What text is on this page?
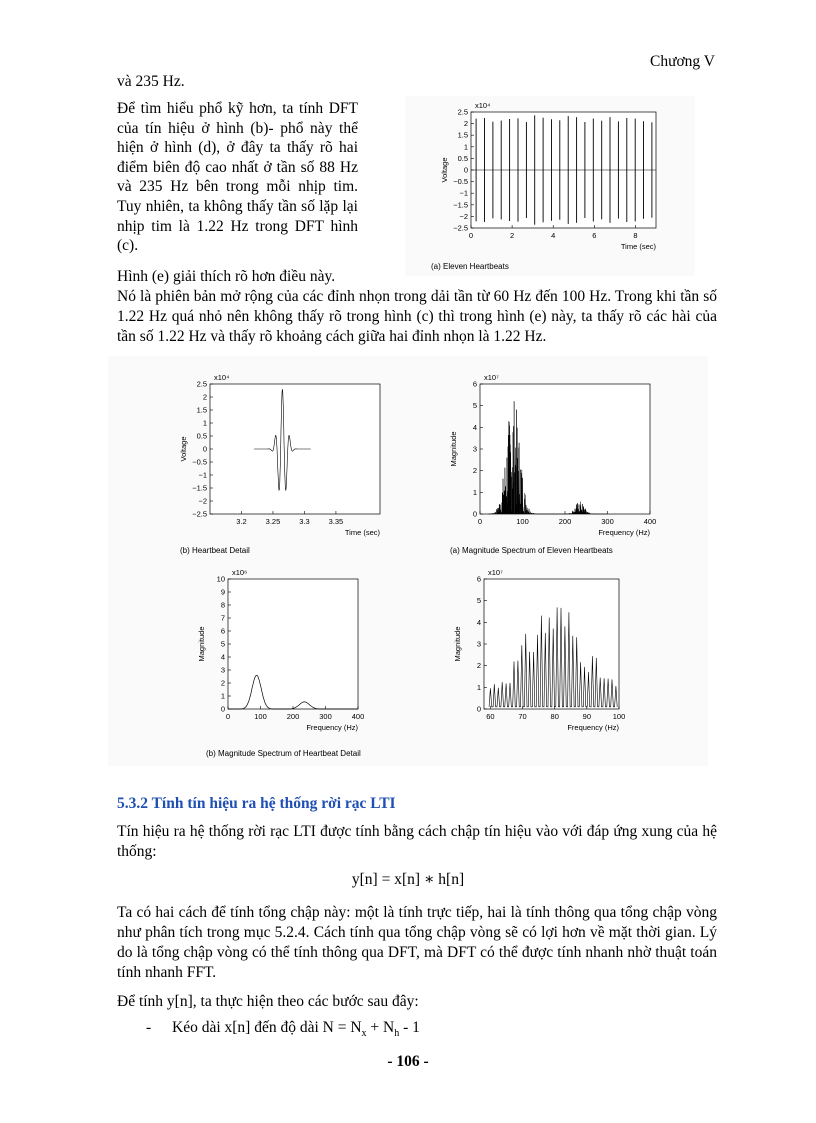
Chương V
và 235 Hz.
Để tìm hiểu phổ kỹ hơn, ta tính DFT của tín hiệu ở hình (b)- phổ này thể hiện ở hình (d), ở đây ta thấy rõ hai điểm biên độ cao nhất ở tần số 88 Hz và 235 Hz bên trong mỗi nhịp tim. Tuy nhiên, ta không thấy tần số lặp lại nhịp tim là 1.22 Hz trong DFT hình (c).
0	2	4	6	8
2.5
2
1.5
1
0.5
0
−0.5
−1
−1.5
−2
−2.5
Time (sec)
Voltage
x10⁴
(a) Eleven Heartbeats
Hình (e) giải thích rõ hơn điều này.
Nó là phiên bản mở rộng của các đỉnh nhọn trong dải tần từ 60 Hz đến 100 Hz. Trong khi tần số 1.22 Hz quá nhỏ nên không thấy rõ trong hình (c) thì trong hình (e) này, ta thấy rõ các hài của tần số 1.22 Hz và thấy rõ khoảng cách giữa hai đỉnh nhọn là 1.22 Hz.
3.2	3.25	3.3	3.35
2.5
2
1.5
1
0.5
0
−0.5
−1
−1.5
−2
−2.5
Time (sec)
Voltage
x10⁴
(b) Heartbeat Detail
0	100	200	300	400
6
5
4
3
2
1
0
Frequency (Hz)
Magnitude
x10⁷
(a) Magnitude Spectrum of Eleven Heartbeats
0	100	200	300	400
10
9
8
7
6
5
4
3
2
1
0
Frequency (Hz)
Magnitude
x10⁶
(b) Magnitude Spectrum of Heartbeat Detail
60	70	80	90	100
6
5
4
3
2
1
0
Frequency (Hz)
Magnitude
x10⁷
5.3.2 Tính tín hiệu ra hệ thống rời rạc LTI
Tín hiệu ra hệ thống rời rạc LTI được tính bằng cách chập tín hiệu vào với đáp ứng xung của hệ thống:
y[n] = x[n] ∗ h[n]
Ta có hai cách để tính tổng chập này: một là tính trực tiếp, hai là tính thông qua tổng chập vòng như phân tích trong mục 5.2.4. Cách tính qua tổng chập vòng sẽ có lợi hơn về mặt thời gian. Lý do là tổng chập vòng có thể tính thông qua DFT, mà DFT có thể được tính nhanh nhờ thuật toán tính nhanh FFT.
Để tính y[n], ta thực hiện theo các bước sau đây:
- Kéo dài x[n] đến độ dài $N = N_x + N_h - 1$
- 106 -
